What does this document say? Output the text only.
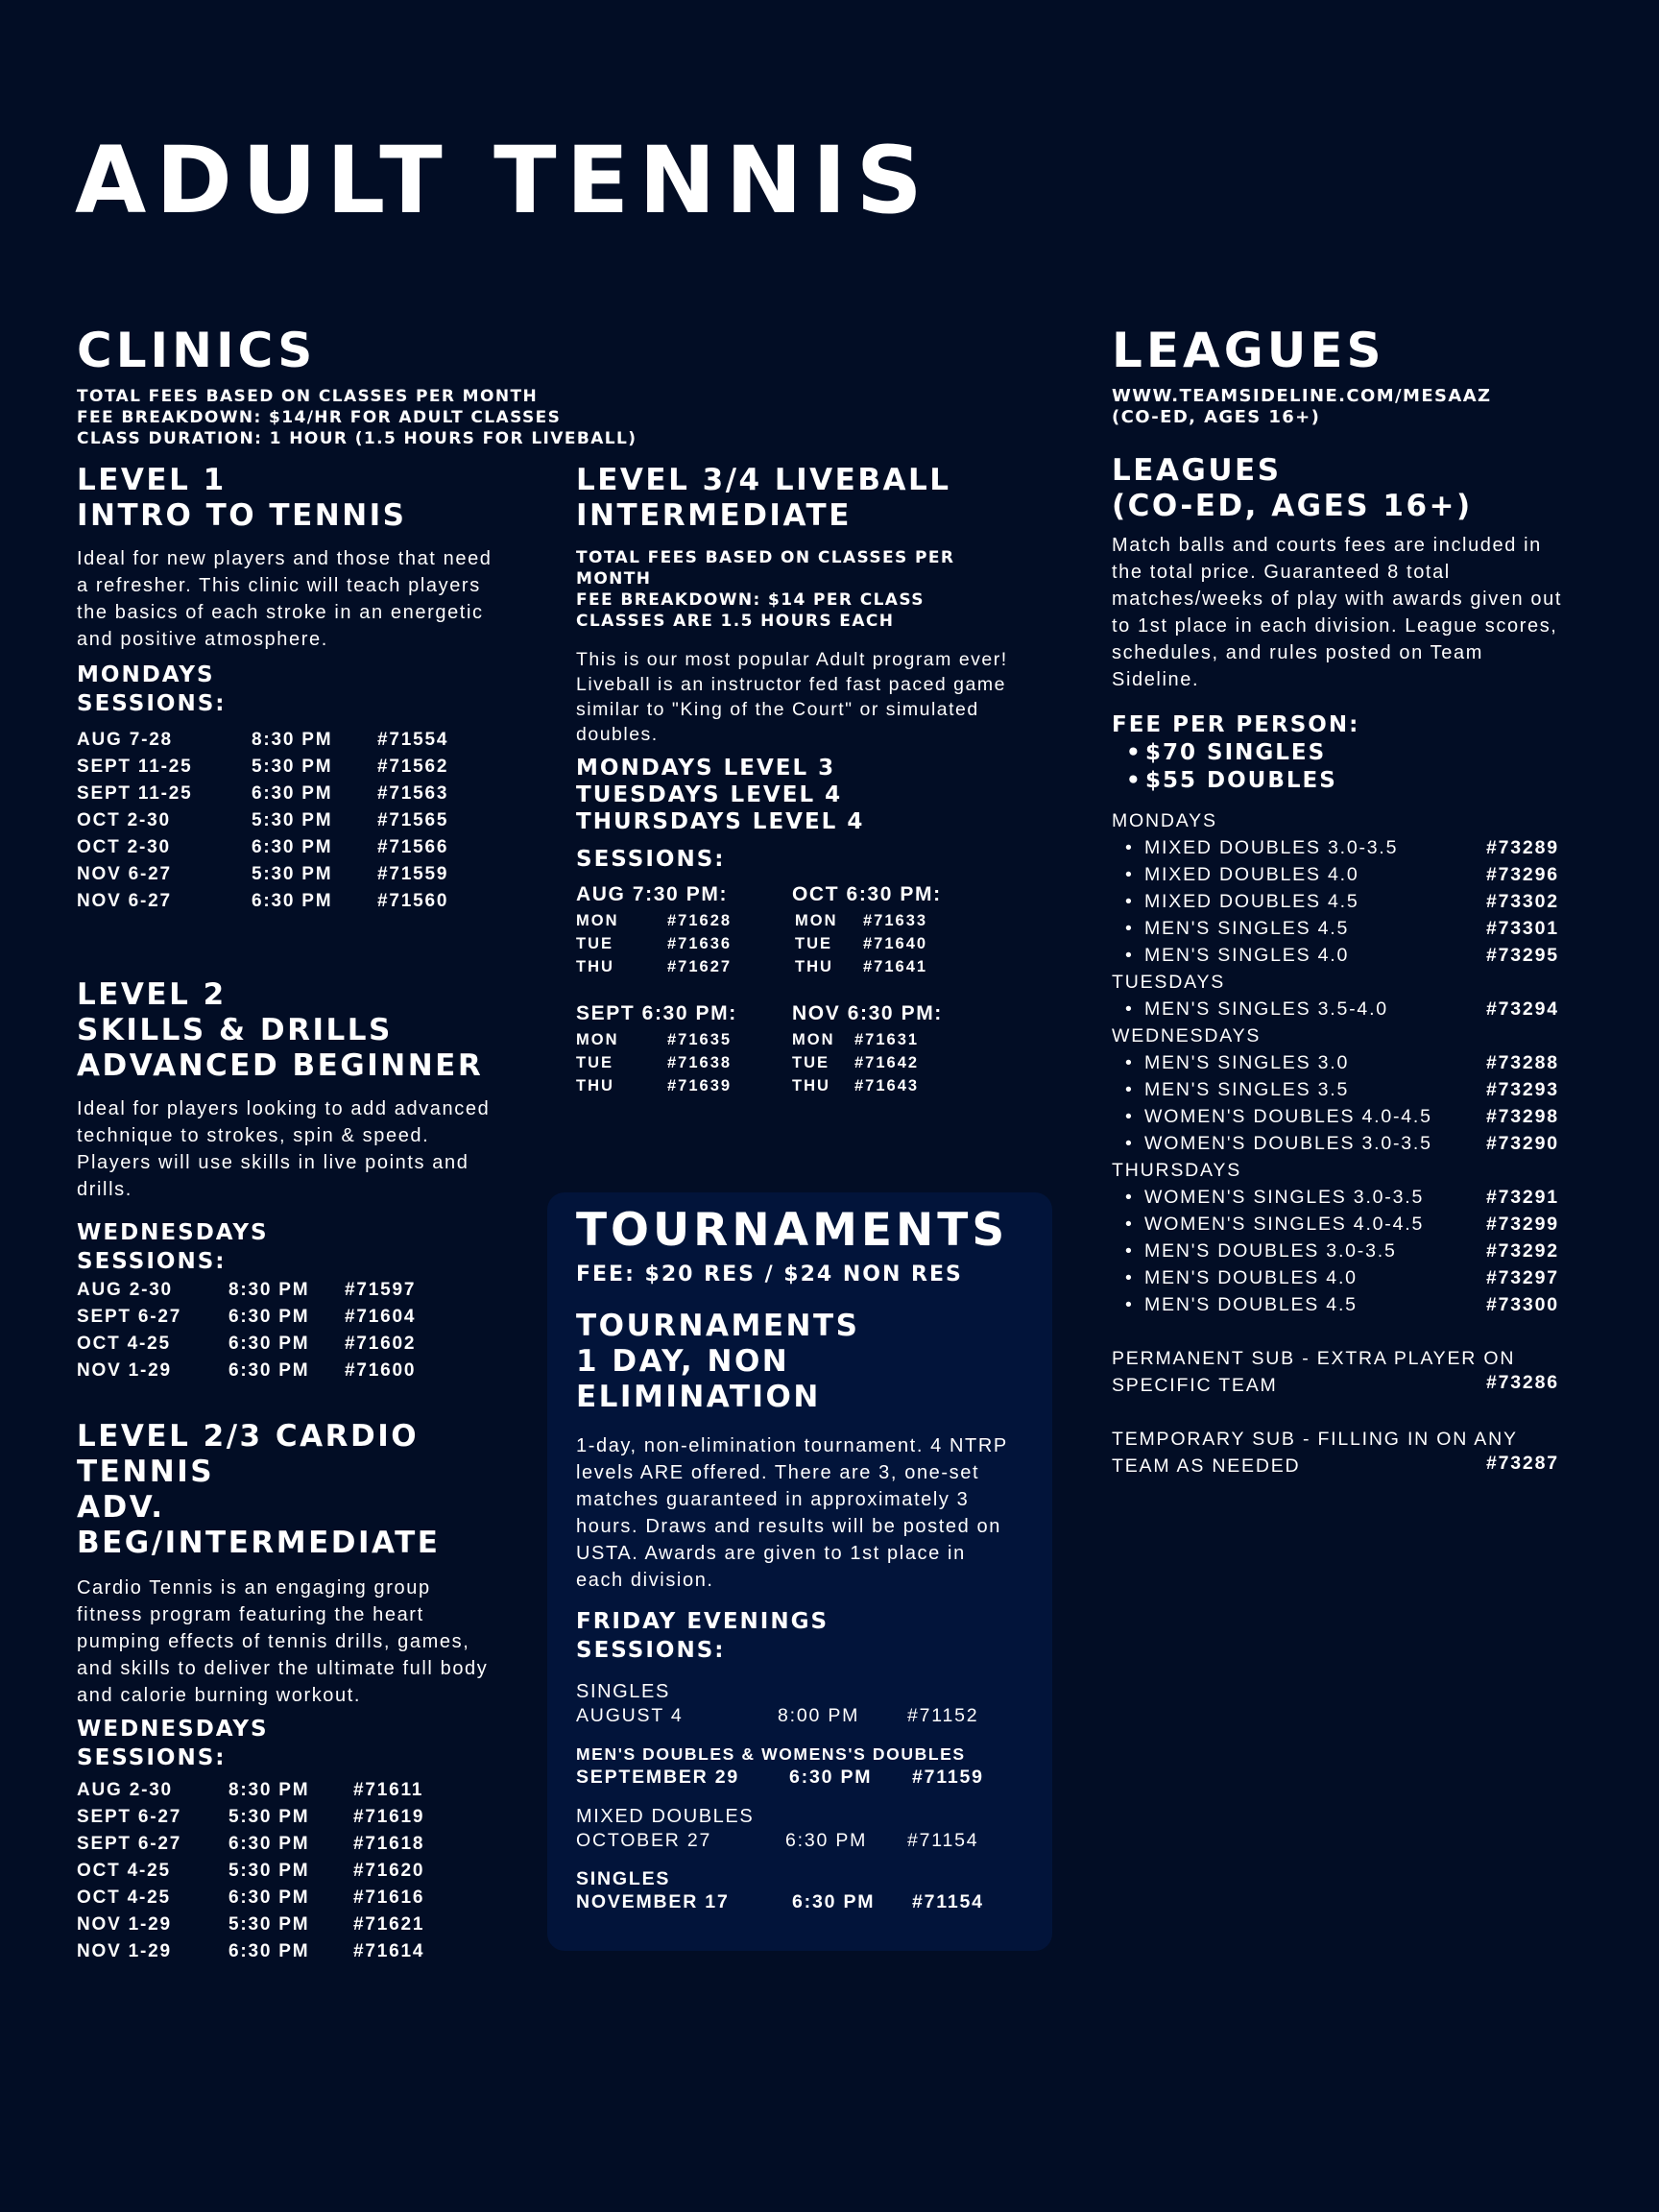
ADULT TENNIS
CLINICS

TOTAL FEES BASED ON CLASSES PER MONTH

FEE BREAKDOWN: $14/HR FOR ADULT CLASSES

CLASS DURATION: 1 HOUR (1.5 HOURS FOR LIVEBALL)

LEVEL 1

INTRO TO TENNIS

Ideal for new players and those that need a refresher. This clinic will teach players the basics of each stroke in an energetic and positive atmosphere.

MONDAYS

SESSIONS:

AUG 7-28	8:30 PM #71554
SEPT 11-25	5:30 PM #71562
SEPT 11-25	6:30 PM #71563
OCT 2-30	5:30 PM #71565
OCT 2-30	6:30 PM #71566
NOV 6-27	5:30 PM #71559
NOV 6-27	6:30 PM #71560

LEVEL 2

SKILLS & DRILLS

ADVANCED BEGINNER

Ideal for players looking to add advanced technique to strokes, spin & speed. Players will use skills in live points and drills.

WEDNESDAYS

SESSIONS:

AUG 2-30	8:30 PM #71597
SEPT 6-27	6:30 PM #71604
OCT 4-25	6:30 PM #71602
NOV 1-29	6:30 PM #71600

LEVEL 2/3 CARDIO TENNIS

ADV. BEG/INTERMEDIATE

Cardio Tennis is an engaging group fitness program featuring the heart pumping effects of tennis drills, games, and skills to deliver the ultimate full body and calorie burning workout.

WEDNESDAYS

SESSIONS:

AUG 2-30	8:30 PM #71611
SEPT 6-27	5:30 PM #71619
SEPT 6-27	6:30 PM #71618
OCT 4-25	5:30 PM #71620
OCT 4-25	6:30 PM #71616
NOV 1-29	5:30 PM #71621
NOV 1-29	6:30 PM #71614

LEVEL 3/4 LIVEBALL

INTERMEDIATE

TOTAL FEES BASED ON CLASSES PER MONTH

FEE BREAKDOWN: $14 PER CLASS

CLASSES ARE 1.5 HOURS EACH

This is our most popular Adult program ever! Liveball is an instructor fed fast paced game similar to "King of the Court" or simulated doubles.

MONDAYS LEVEL 3

TUESDAYS LEVEL 4

THURSDAYS LEVEL 4

SESSIONS:

AUG 7:30 PM:

MON	#71628
TUE	#71636
THU	#71627

OCT 6:30 PM:

MON #71633
TUE #71640
THU #71641

SEPT 6:30 PM:

MON	#71635
TUE	#71638
THU	#71639

NOV 6:30 PM:

MON #71631
TUE #71642
THU #71643
TOURNAMENTS

FEE: $20 RES / $24 NON RES

TOURNAMENTS

1 DAY, NON ELIMINATION

1-day, non-elimination tournament. 4 NTRP levels ARE offered. There are 3, one-set matches guaranteed in approximately 3 hours. Draws and results will be posted on USTA. Awards are given to 1st place in each division.

FRIDAY EVENINGS

SESSIONS:

SINGLES

AUGUST 4	8:00 PM	#71152

MEN'S DOUBLES & WOMENS'S DOUBLES

SEPTEMBER 29	6:30 PM #71159

MIXED DOUBLES

OCTOBER 27	6:30 PM #71154

SINGLES

NOVEMBER 17	6:30 PM #71154
LEAGUES

WWW.TEAMSIDELINE.COM/MESAAZ

(CO-ED, AGES 16+)

LEAGUES

(CO-ED, AGES 16+)

Match balls and courts fees are included in the total price. Guaranteed 8 total matches/weeks of play with awards given out to 1st place in each division. League scores, schedules, and rules posted on Team Sideline.

FEE PER PERSON:

• $70 SINGLES

• $55 DOUBLES

MONDAYS
• MIXED DOUBLES 3.0-3.5	#73289
• MIXED DOUBLES 4.0	#73296
• MIXED DOUBLES 4.5	#73302
• MEN'S SINGLES 4.5	#73301
• MEN'S SINGLES 4.0	#73295
TUESDAYS
• MEN'S SINGLES 3.5-4.0	#73294
WEDNESDAYS
• MEN'S SINGLES 3.0	#73288
• MEN'S SINGLES 3.5	#73293
• WOMEN'S DOUBLES 4.0-4.5	#73298
• WOMEN'S DOUBLES 3.0-3.5	#73290
THURSDAYS
• WOMEN'S SINGLES 3.0-3.5	#73291
• WOMEN'S SINGLES 4.0-4.5	#73299
• MEN'S DOUBLES 3.0-3.5	#73292
• MEN'S DOUBLES 4.0	#73297
• MEN'S DOUBLES 4.5	#73300
PERMANENT SUB - EXTRA PLAYER ON
SPECIFIC TEAM	#73286
TEMPORARY SUB - FILLING IN ON ANY
TEAM AS NEEDED	#73287
